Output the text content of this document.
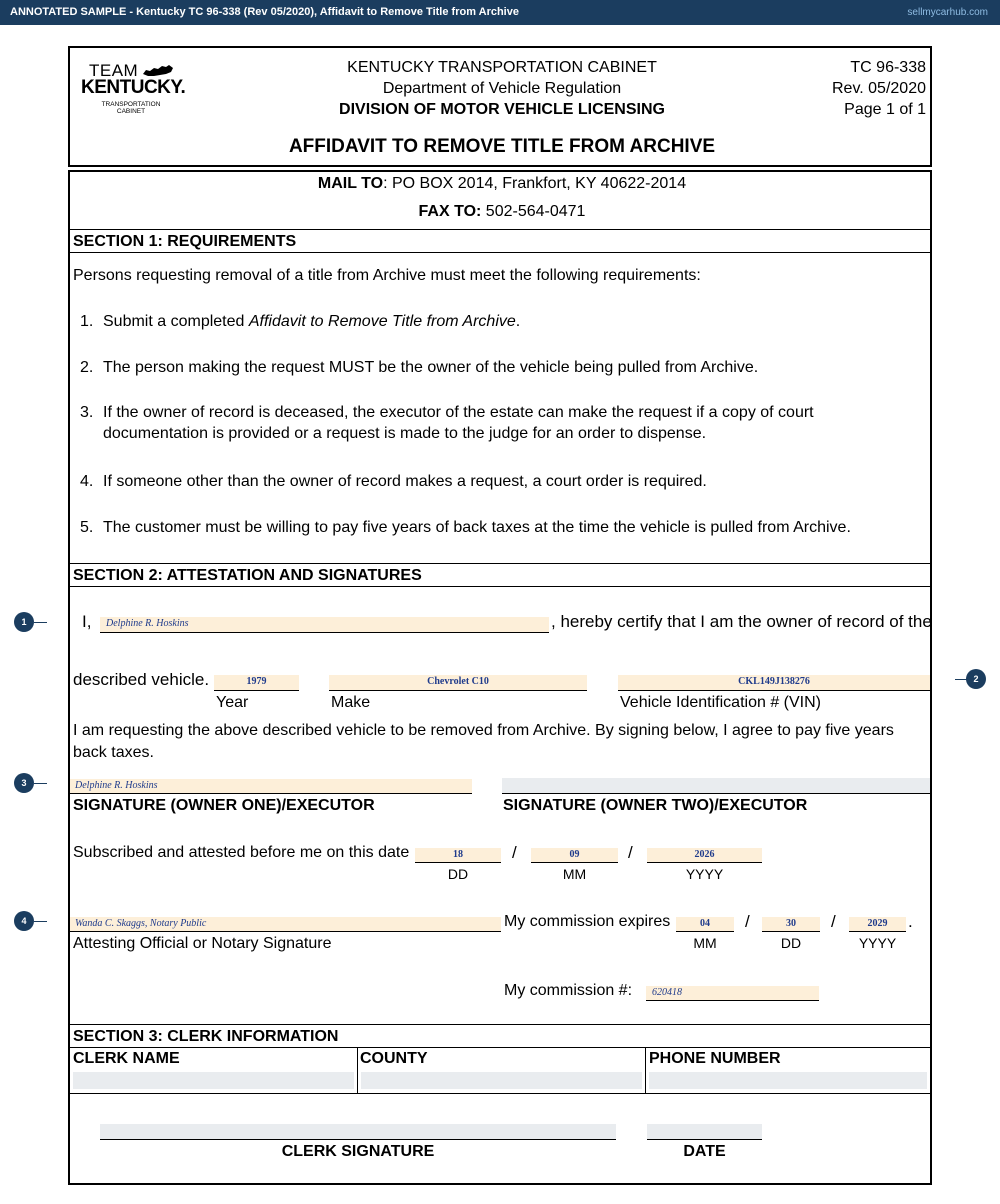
ANNOTATED SAMPLE - Kentucky TC 96-338 (Rev 05/2020), Affidavit to Remove Title from Archive	sellmycarhub.com
TEAM
KENTUCKY.
TRANSPORTATION
CABINET
KENTUCKY TRANSPORTATION CABINET
Department of Vehicle Regulation
DIVISION OF MOTOR VEHICLE LICENSING
TC 96-338
Rev. 05/2020
Page 1 of 1
AFFIDAVIT TO REMOVE TITLE FROM ARCHIVE
MAIL TO: PO BOX 2014, Frankfort, KY 40622-2014
FAX TO: 502-564-0471
SECTION 1: REQUIREMENTS
Persons requesting removal of a title from Archive must meet the following requirements:
1. Submit a completed Affidavit to Remove Title from Archive.
2. The person making the request MUST be the owner of the vehicle being pulled from Archive.
3. If the owner of record is deceased, the executor of the estate can make the request if a copy of court
documentation is provided or a request is made to the judge for an order to dispense.
4. If someone other than the owner of record makes a request, a court order is required.
5. The customer must be willing to pay five years of back taxes at the time the vehicle is pulled from Archive.
SECTION 2: ATTESTATION AND SIGNATURES
1	I,	Delphine R. Hoskins	, hereby certify that I am the owner of record of the
described vehicle.	1979	Chevrolet C10	CKL149J138276
Year	Make	Vehicle Identification # (VIN)
2
I am requesting the above described vehicle to be removed from Archive. By signing below, I agree to pay five years
back taxes.
3	Delphine R. Hoskins
SIGNATURE (OWNER ONE)/EXECUTOR	SIGNATURE (OWNER TWO)/EXECUTOR
Subscribed and attested before me on this date	18	/	09	/	2026
DD	MM	YYYY
4	Wanda C. Skaggs, Notary Public
Attesting Official or Notary Signature
My commission expires	04	/	30	/	2029	.
MM	DD	YYYY
My commission #:	620418
SECTION 3: CLERK INFORMATION
CLERK NAME	COUNTY	PHONE NUMBER
CLERK SIGNATURE	DATE
